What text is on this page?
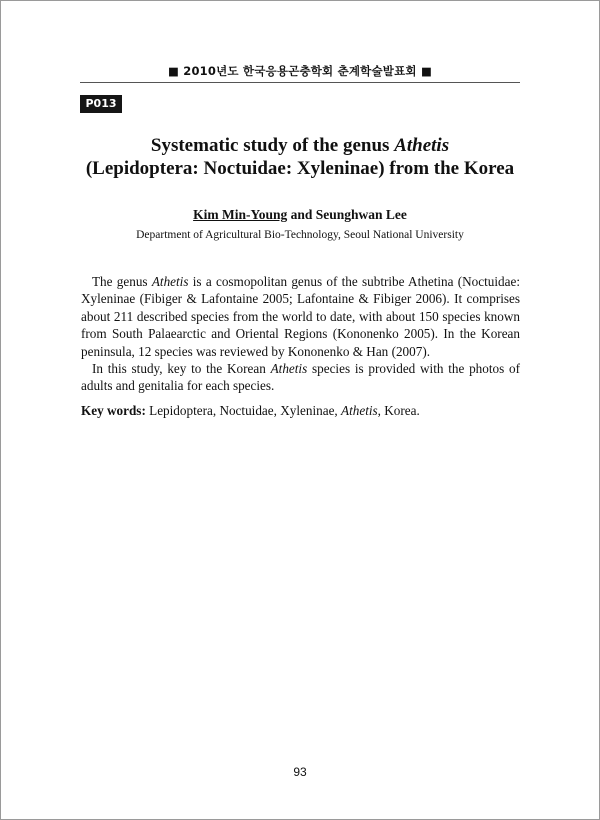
■ 2010년도 한국응용곤충학회 춘계학술발표회 ■
P013
Systematic study of the genus Athetis
(Lepidoptera: Noctuidae: Xyleninae) from the Korea
Kim Min-Young and Seunghwan Lee
Department of Agricultural Bio-Technology, Seoul National University

The genus Athetis is a cosmopolitan genus of the subtribe Athetina (Noctuidae: Xyleninae (Fibiger & Lafontaine 2005; Lafontaine & Fibiger 2006). It comprises about 211 described species from the world to date, with about 150 species known from South Palaearctic and Oriental Regions (Kononenko 2005). In the Korean peninsula, 12 species was reviewed by Kononenko & Han (2007).

In this study, key to the Korean Athetis species is provided with the photos of adults and genitalia for each species.

Key words: Lepidoptera, Noctuidae, Xyleninae, Athetis, Korea.
93
